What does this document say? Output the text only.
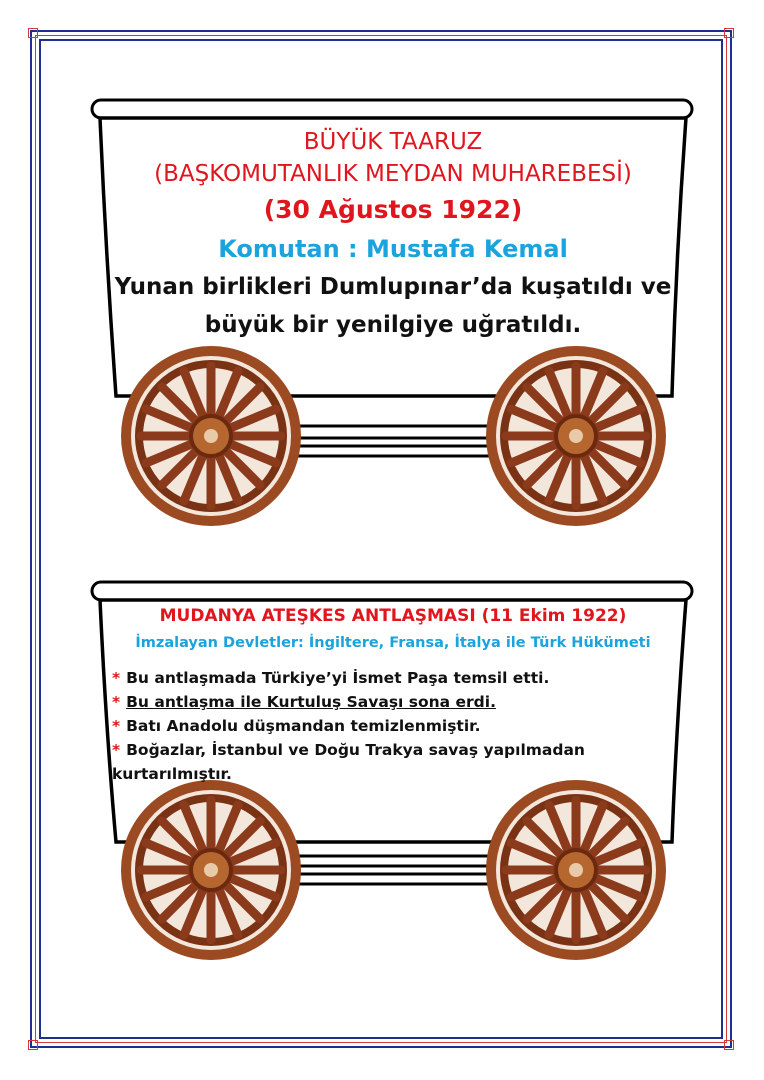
BÜYÜK TAARUZ
(BAŞKOMUTANLIK MEYDAN MUHAREBESİ)
(30 Ağustos 1922)
Komutan : Mustafa Kemal
Yunan birlikleri Dumlupınar’da kuşatıldı ve
büyük bir yenilgiye uğratıldı.
MUDANYA ATEŞKES ANTLAŞMASI (11 Ekim 1922)
İmzalayan Devletler: İngiltere, Fransa, İtalya ile Türk Hükümeti
* Bu antlaşmada Türkiye’yi İsmet Paşa temsil etti.
* Bu antlaşma ile Kurtuluş Savaşı sona erdi.
* Batı Anadolu düşmandan temizlenmiştir.
* Boğazlar, İstanbul ve Doğu Trakya savaş yapılmadan
kurtarılmıştır.
